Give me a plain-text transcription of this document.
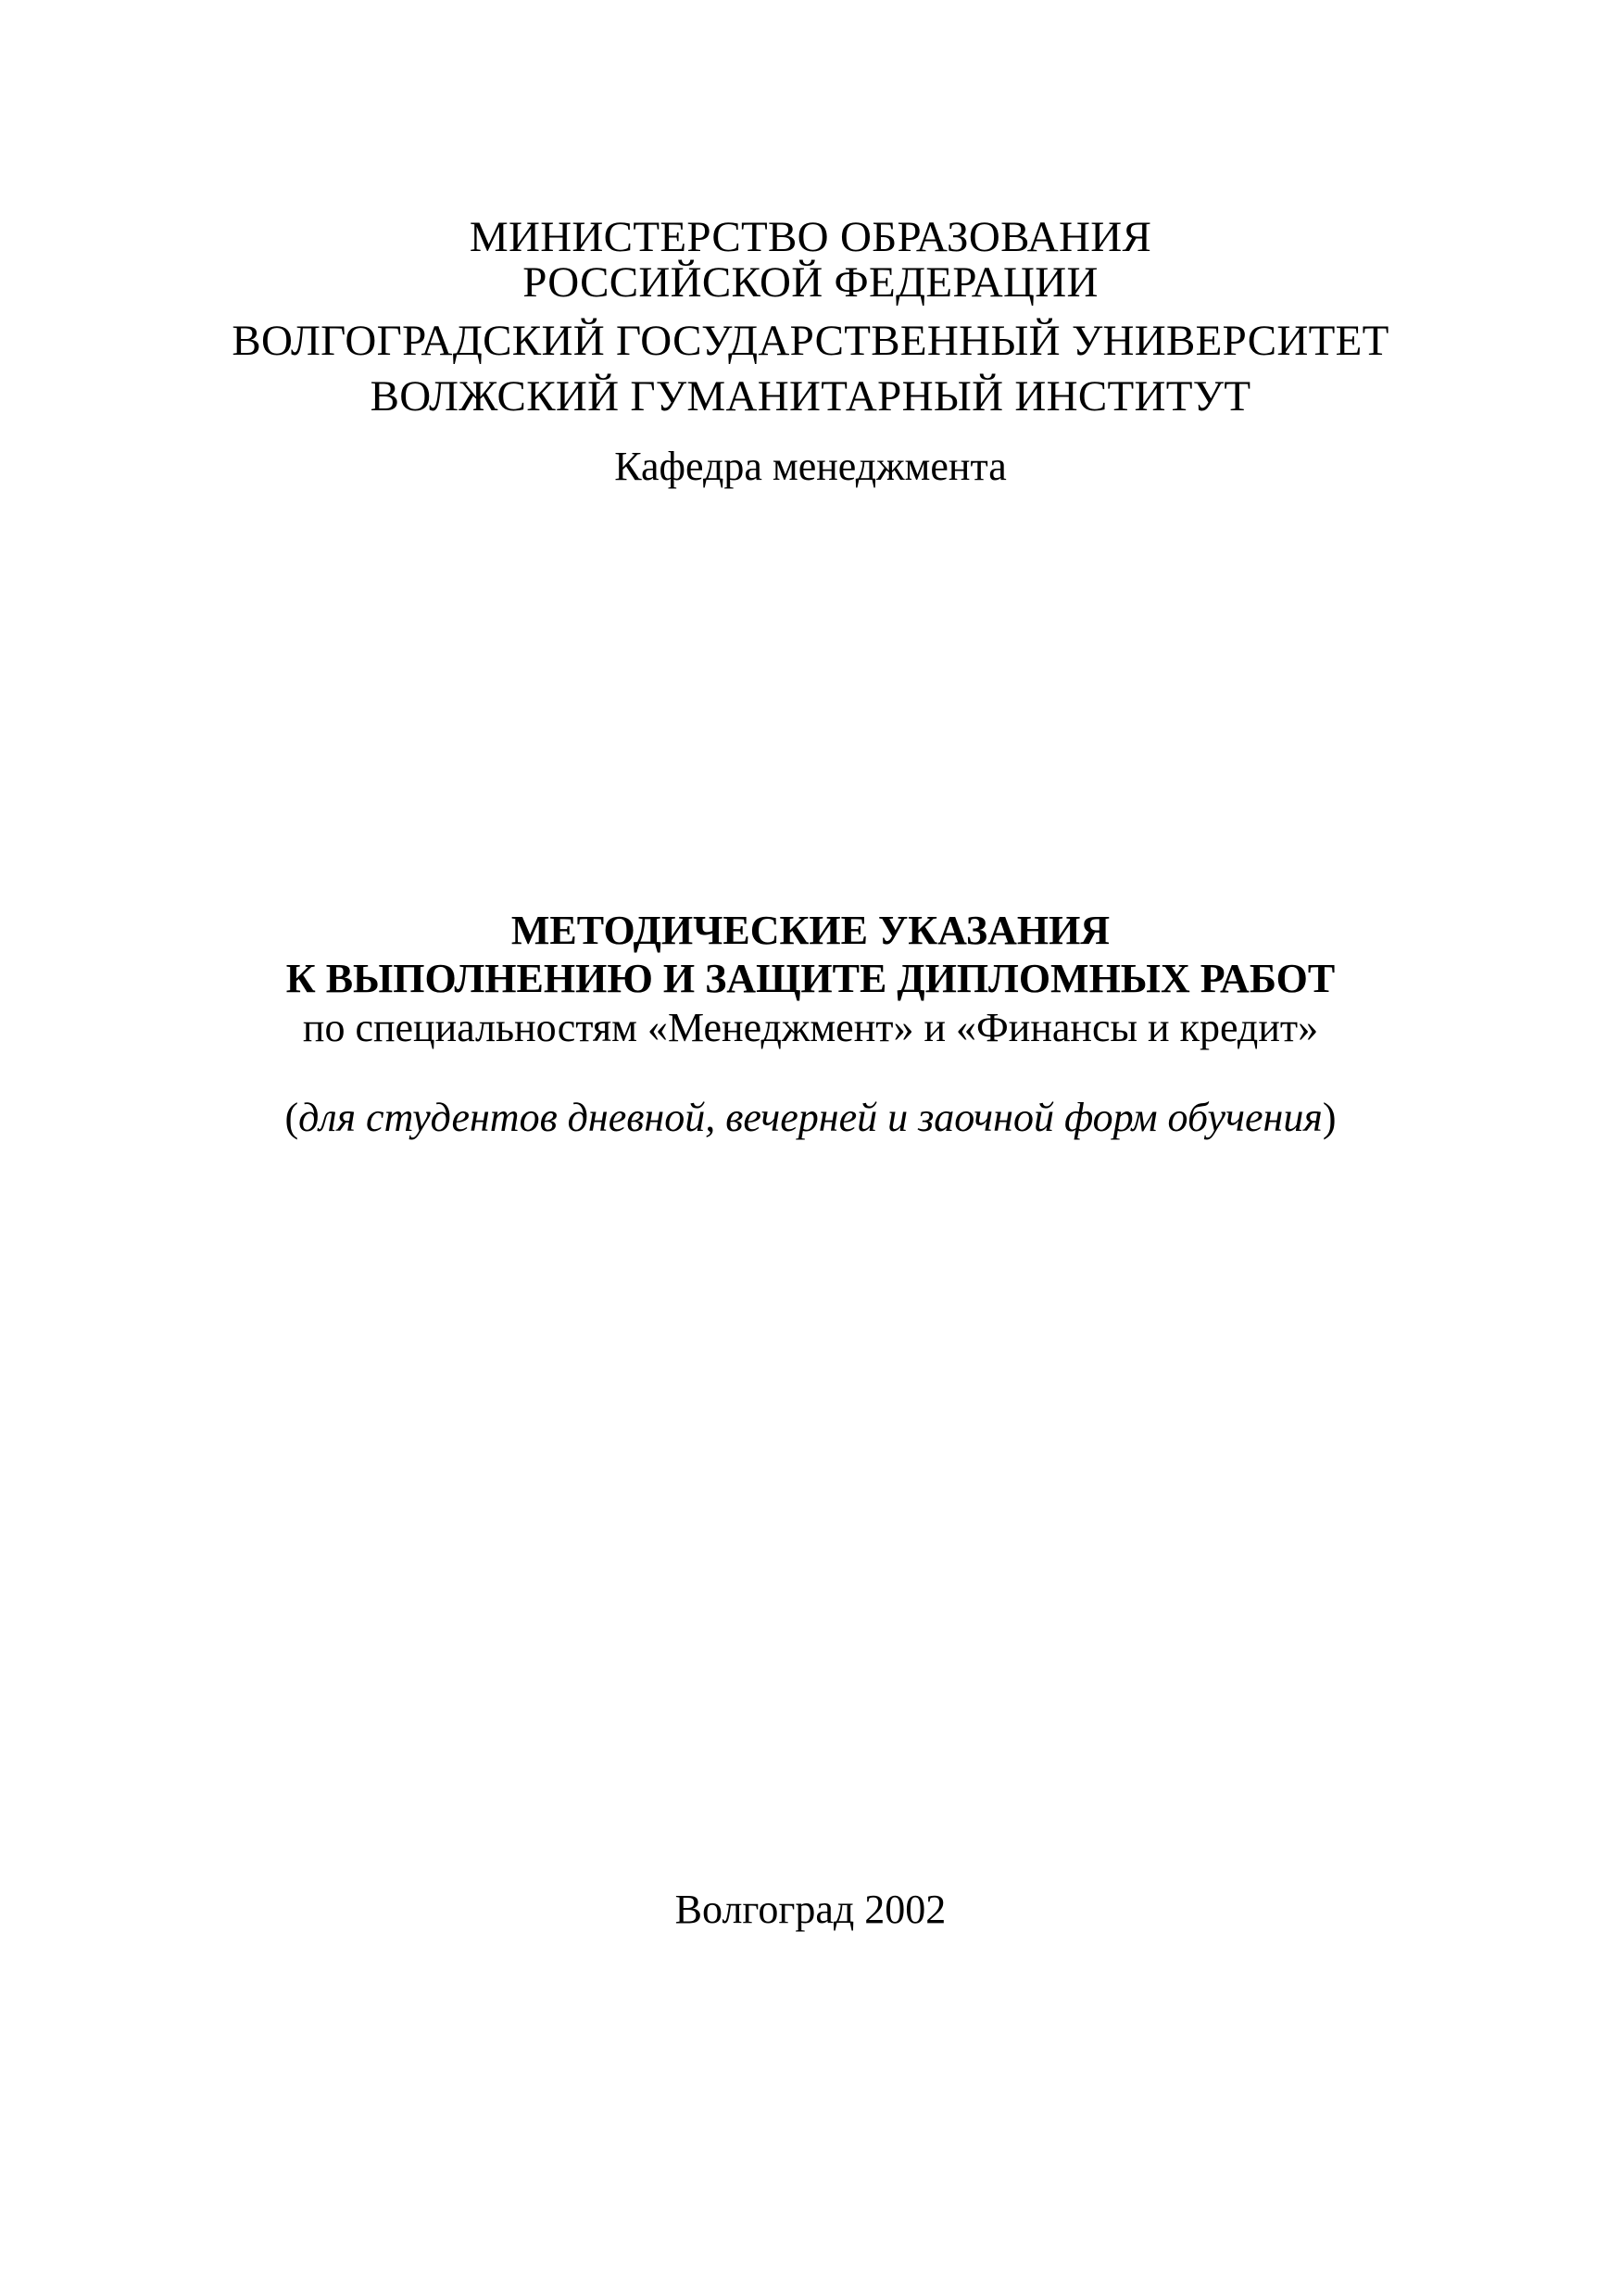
МИНИСТЕРСТВО ОБРАЗОВАНИЯ
РОССИЙСКОЙ ФЕДЕРАЦИИ
ВОЛГОГРАДСКИЙ ГОСУДАРСТВЕННЫЙ УНИВЕРСИТЕТ
ВОЛЖСКИЙ ГУМАНИТАРНЫЙ ИНСТИТУТ
Кафедра менеджмента
МЕТОДИЧЕСКИЕ УКАЗАНИЯ
К ВЫПОЛНЕНИЮ И ЗАЩИТЕ ДИПЛОМНЫХ РАБОТ
по специальностям «Менеджмент» и «Финансы и кредит»
(для студентов дневной, вечерней и заочной форм обучения)
Волгоград 2002
